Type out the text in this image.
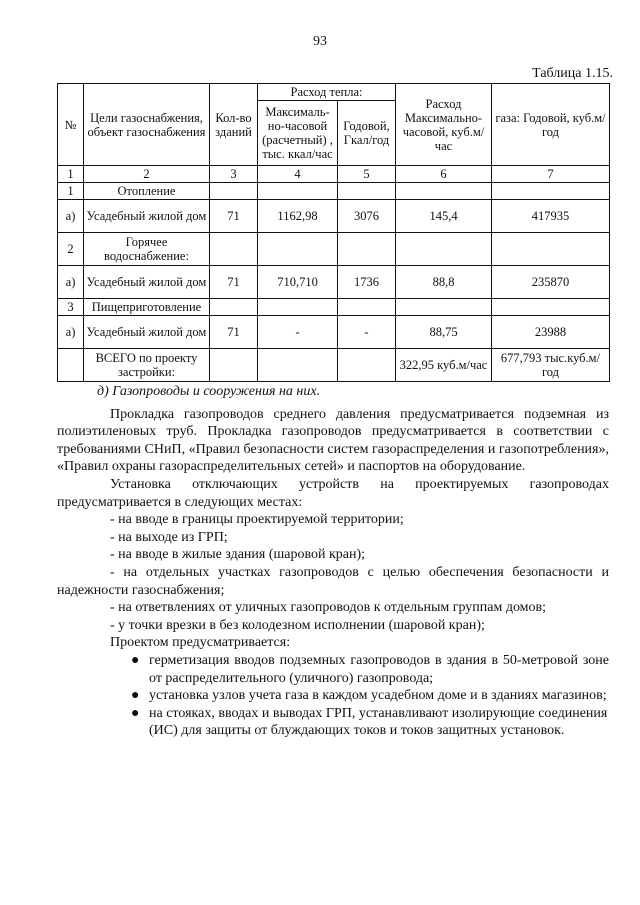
93
Таблица 1.15.
№	Цели газоснабжения, объект газоснабжения	Кол-во зданий	Расход тепла:		Расход Максимально-часовой, куб.м/час	газа: Годовой, куб.м/год
			Максималь-но-часовой (расчетный) , тыс. ккал/час	Годовой, Гкал/год		
1	2	3	4	5	6	7
1	Отопление					
а)	Усадебный жилой дом	71	1162,98	3076	145,4	417935
2	Горячее водоснабжение:					
а)	Усадебный жилой дом	71	710,710	1736	88,8	235870
3	Пищеприготовление					
а)	Усадебный жилой дом	71	-	-	88,75	23988
	ВСЕГО по проекту застройки:				322,95 куб.м/час	677,793 тыс.куб.м/год

д) Газопроводы и сооружения на них.

Прокладка газопроводов среднего давления предусматривается подземная из полиэтиленовых труб. Прокладка газопроводов предусматривается в соответствии с требованиями СНиП, «Правил безопасности систем газораспределения и газопотребления», «Правил охраны газораспределительных сетей» и паспортов на оборудование.

Установка отключающих устройств на проектируемых газопроводах предусматривается в следующих местах:

- на вводе в границы проектируемой территории;

- на выходе из ГРП;

- на вводе в жилые здания (шаровой кран);

- на отдельных участках газопроводов с целью обеспечения безопасности и надежности газоснабжения;

- на ответвлениях от уличных газопроводов к отдельным группам домов;

- у точки врезки в без колодезном исполнении (шаровой кран);

Проектом предусматривается:

● герметизация вводов подземных газопроводов в здания в 50-метровой зоне от распределительного (уличного) газопровода;
● установка узлов учета газа в каждом усадебном доме и в зданиях магазинов;
● на стояках, вводах и выводах ГРП, устанавливают изолирующие соединения (ИС) для защиты от блуждающих токов и токов защитных установок.
